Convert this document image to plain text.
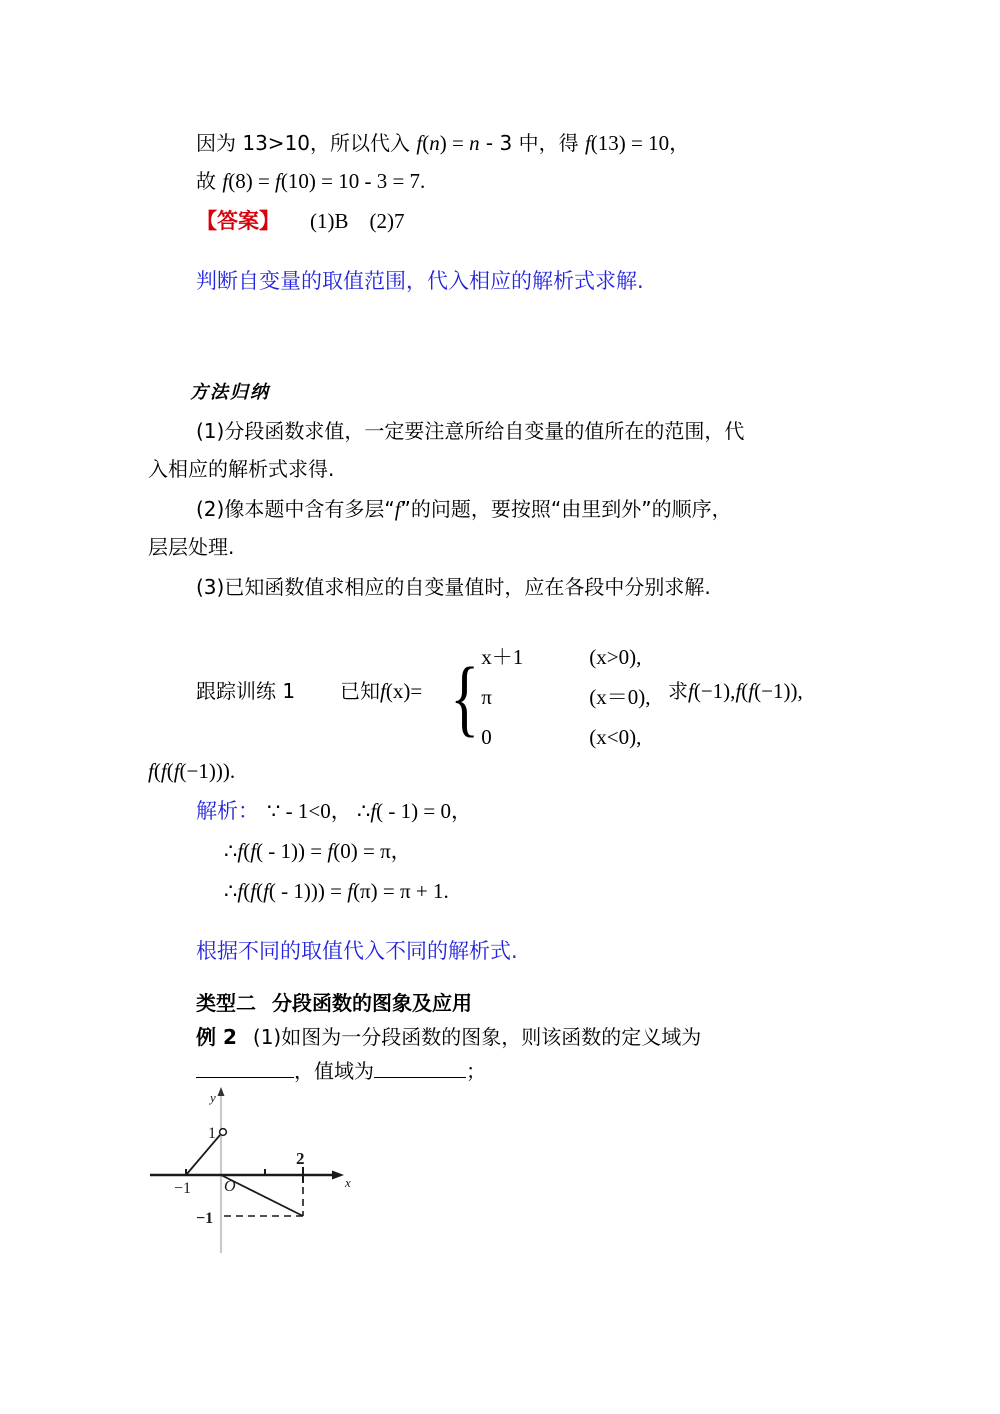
因为 13>10，所以代入 f(n) = n - 3 中，得 f(13) = 10，
故 f(8) = f(10) = 10 - 3 = 7.
【答案】 (1)B　(2)7
判断自变量的取值范围，代入相应的解析式求解.
方法归纳
(1)分段函数求值，一定要注意所给自变量的值所在的范围，代
入相应的解析式求得.
(2)像本题中含有多层“f”的问题，要按照“由里到外”的顺序，
层层处理.
(3)已知函数值求相应的自变量值时，应在各段中分别求解.
跟踪训练 1 已知f(x)= { x＋1	(x>0),
π	(x＝0),
0	(x<0),
求f(−1),f(f(−1)),
f(f(f(−1))).
解析： ∵ - 1<0， ∴f( - 1) = 0，
∴f(f( - 1)) = f(0) = π，
∴f(f(f( - 1))) = f(π) = π + 1.
根据不同的取值代入不同的解析式.
类型二 分段函数的图象及应用
例 2 (1)如图为一分段函数的图象，则该函数的定义域为
，值域为	；
y
x
−1
2
1
−1
O
